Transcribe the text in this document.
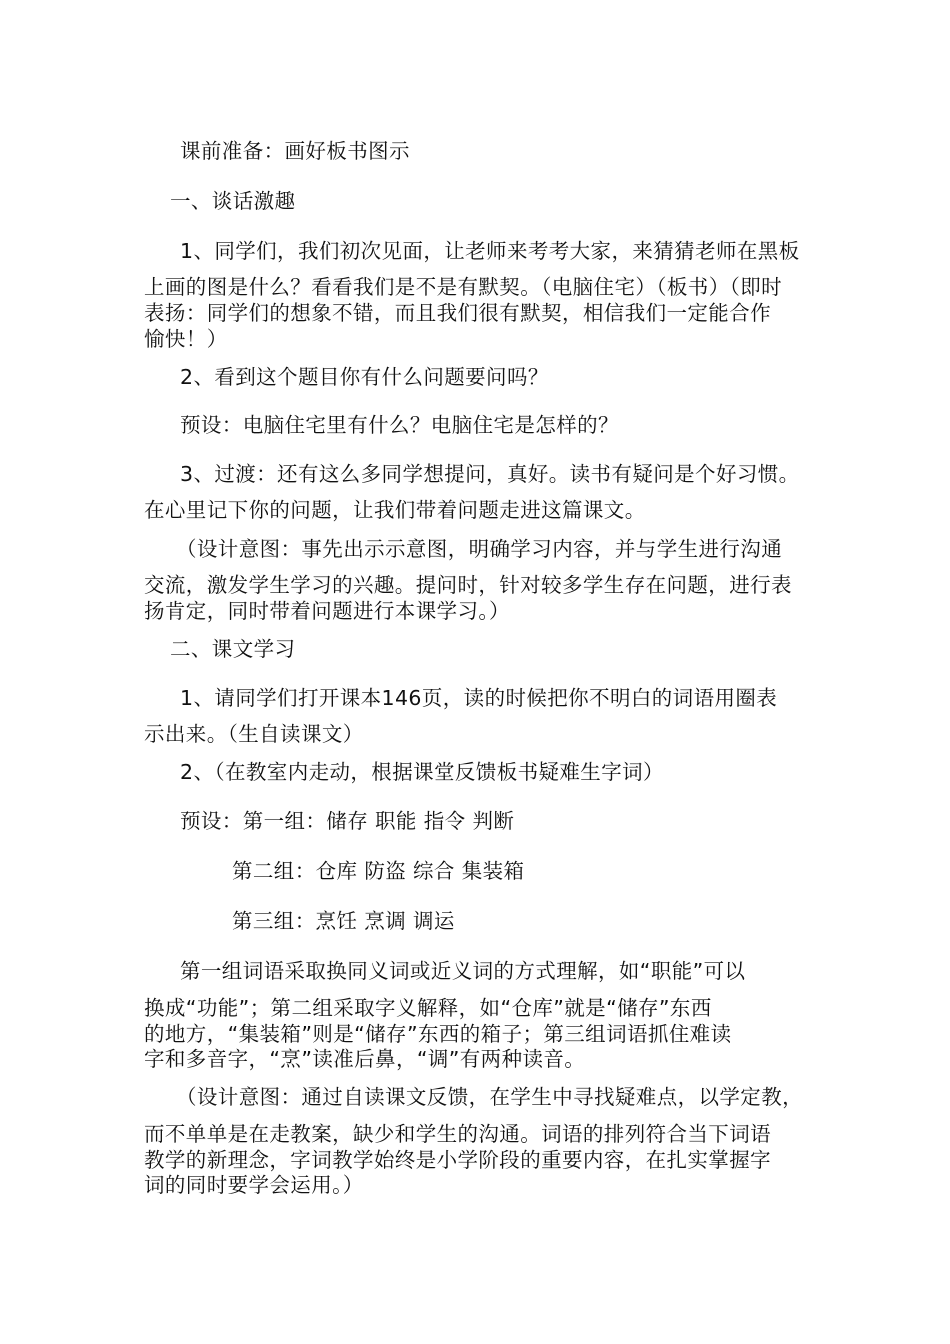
课前准备：画好板书图示
一、谈话激趣
1、同学们，我们初次见面，让老师来考考大家，来猜猜老师在黑板
上画的图是什么？看看我们是不是有默契。（电脑住宅）（板书）（即时
表扬：同学们的想象不错，而且我们很有默契，相信我们一定能合作
愉快！）
2、看到这个题目你有什么问题要问吗？
预设：电脑住宅里有什么？电脑住宅是怎样的？
3、过渡：还有这么多同学想提问，真好。读书有疑问是个好习惯。
在心里记下你的问题，让我们带着问题走进这篇课文。
（设计意图：事先出示示意图，明确学习内容，并与学生进行沟通
交流，激发学生学习的兴趣。提问时，针对较多学生存在问题，进行表
扬肯定，同时带着问题进行本课学习。）
二、课文学习
1、请同学们打开课本146页，读的时候把你不明白的词语用圈表
示出来。（生自读课文）
2、（在教室内走动，根据课堂反馈板书疑难生字词）
预设：第一组：储存 职能 指令 判断
第二组：仓库 防盗 综合 集装箱
第三组：烹饪 烹调 调运
第一组词语采取换同义词或近义词的方式理解，如“职能”可以
换成“功能”；第二组采取字义解释，如“仓库”就是“储存”东西
的地方，“集装箱”则是“储存”东西的箱子；第三组词语抓住难读
字和多音字，“烹”读准后鼻，“调”有两种读音。
（设计意图：通过自读课文反馈，在学生中寻找疑难点，以学定教，
而不单单是在走教案，缺少和学生的沟通。词语的排列符合当下词语
教学的新理念，字词教学始终是小学阶段的重要内容，在扎实掌握字
词的同时要学会运用。）
